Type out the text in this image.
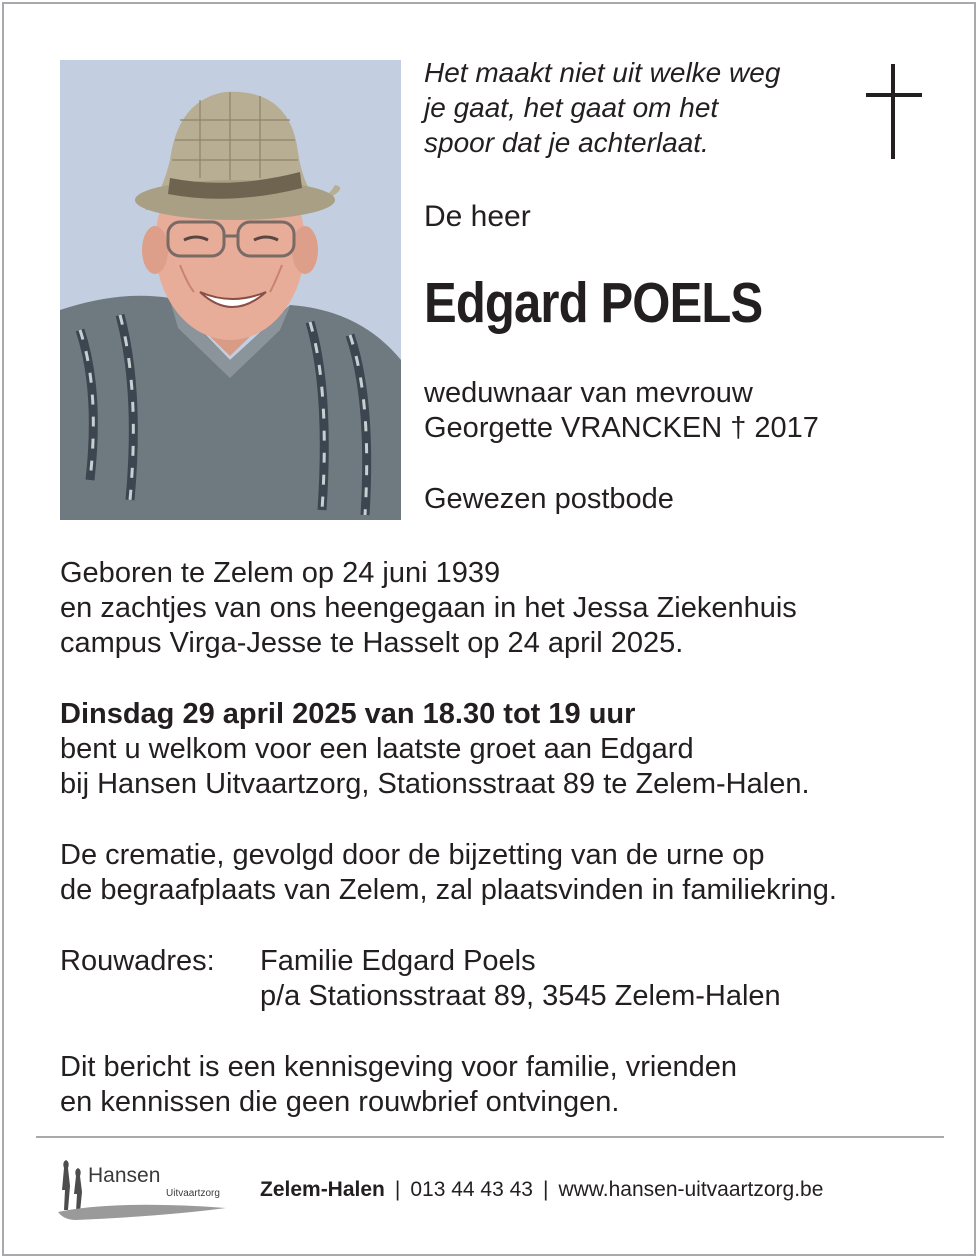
Het maakt niet uit welke weg
je gaat, het gaat om het
spoor dat je achterlaat.
De heer
Edgard POELS
weduwnaar van mevrouw
Georgette VRANCKEN † 2017
Gewezen postbode
Geboren te Zelem op 24 juni 1939
en zachtjes van ons heengegaan in het Jessa Ziekenhuis
campus Virga-Jesse te Hasselt op 24 april 2025.
Dinsdag 29 april 2025 van 18.30 tot 19 uur
bent u welkom voor een laatste groet aan Edgard
bij Hansen Uitvaartzorg, Stationsstraat 89 te Zelem-Halen.
De crematie, gevolgd door de bijzetting van de urne op
de begraafplaats van Zelem, zal plaatsvinden in familiekring.
Rouwadres:	Familie Edgard Poels
p/a Stationsstraat 89, 3545 Zelem-Halen
Dit bericht is een kennisgeving voor familie, vrienden
en kennissen die geen rouwbrief ontvingen.
Hansen
Uitvaartzorg Zelem-Halen | 013 44 43 43 | www.hansen-uitvaartzorg.be
